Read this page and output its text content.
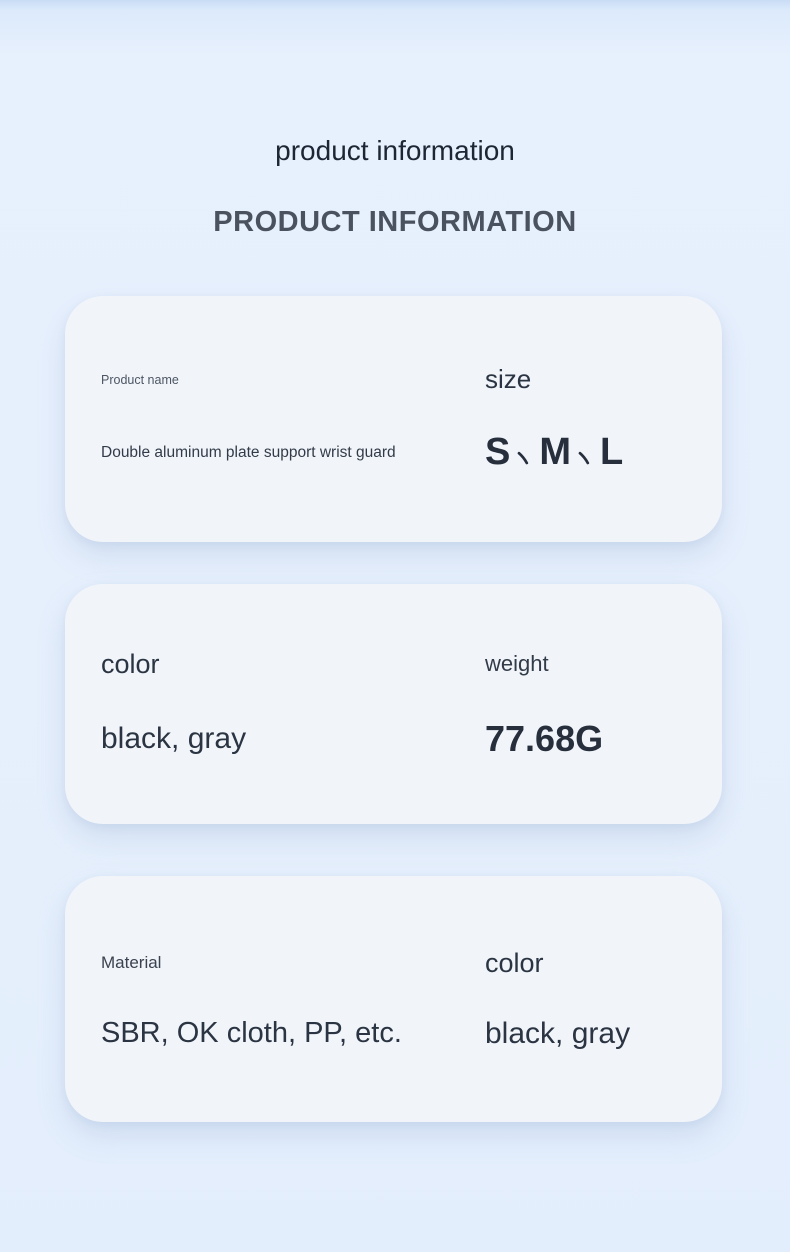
product information
PRODUCT INFORMATION
Product name	size
Double aluminum plate support wrist guard	S M L
color	weight
black, gray	77.68G
Material	color
SBR, OK cloth, PP, etc.	black, gray
